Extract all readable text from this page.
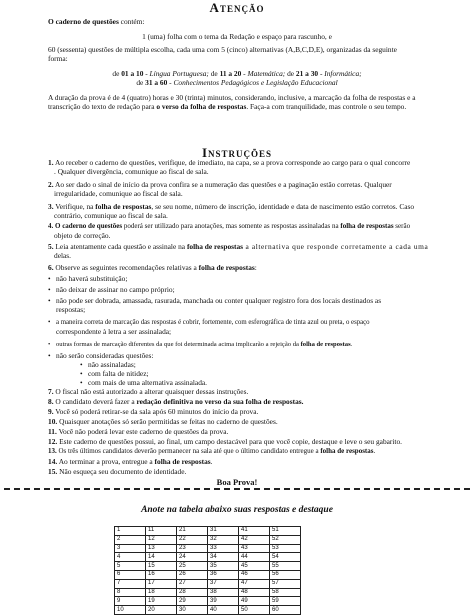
Atenção
O caderno de questões contém:
1 (uma) folha com o tema da Redação e espaço para rascunho, e
60 (sessenta) questões de múltipla escolha, cada uma com 5 (cinco) alternativas (A,B,C,D,E), organizadas da seguinte
forma:
de 01 a 10 - Língua Portuguesa; de 11 a 20 - Matemática; de 21 a 30 - Informática;
de 31 a 60 - Conhecimentos Pedagógicos e Legislação Educacional
A duração da prova é de 4 (quatro) horas e 30 (trinta) minutos, considerando, inclusive, a marcação da folha de respostas e a
transcrição do texto de redação para o verso da folha de respostas. Faça-a com tranquilidade, mas controle o seu tempo.
Instruções
1. Ao receber o caderno de questões, verifique, de imediato, na capa, se a prova corresponde ao cargo para o qual concorre
. Qualquer divergência, comunique ao fiscal de sala.
2. Ao ser dado o sinal de início da prova confira se a numeração das questões e a paginação estão corretas. Qualquer
irregularidade, comunique ao fiscal de sala.
3. Verifique, na folha de respostas, se seu nome, número de inscrição, identidade e data de nascimento estão corretos. Caso
contrário, comunique ao fiscal de sala.
4. O caderno de questões poderá ser utilizado para anotações, mas somente as respostas assinaladas na folha de respostas serão
objeto de correção.
5. Leia atentamente cada questão e assinale na folha de respostas a alternativa que responde corretamente a cada uma
delas.
6. Observe as seguintes recomendações relativas a folha de respostas:
• não haverá substituição;
• não deixar de assinar no campo próprio;
• não pode ser dobrada, amassada, rasurada, manchada ou conter qualquer registro fora dos locais destinados as
respostas;
• a maneira correta de marcação das respostas é cobrir, fortemente, com esferográfica de tinta azul ou preta, o espaço
correspondente à letra a ser assinalada;
• outras formas de marcação diferentes da que foi determinada acima implicarão a rejeição da folha de respostas.
• não serão consideradas questões:
• não assinaladas;
• com falta de nitidez;
• com mais de uma alternativa assinalada.
7. O fiscal não está autorizado a alterar quaisquer dessas instruções.
8. O candidato deverá fazer a redação definitiva no verso da sua folha de respostas.
9. Você só poderá retirar-se da sala após 60 minutos do início da prova.
10. Quaisquer anotações só serão permitidas se feitas no caderno de questões.
11. Você não poderá levar este caderno de questões da prova.
12. Este caderno de questões possui, ao final, um campo destacável para que você copie, destaque e leve o seu gabarito.
13. Os três últimos candidatos deverão permanecer na sala até que o último candidato entregue a folha de respostas.
14. Ao terminar a prova, entregue a folha de respostas.
Boa Prova!
Anote na tabela abaixo suas respostas e destaque
1	11	21	31	41	51
2	12	22	32	42	52
3	13	23	33	43	53
4	14	24	34	44	54
5	15	25	35	45	55
6	16	26	36	46	56
7	17	27	37	47	57
8	18	28	38	48	58
9	19	29	39	49	59
10	20	30	40	50	60
15. Não esqueça seu documento de identidade.
